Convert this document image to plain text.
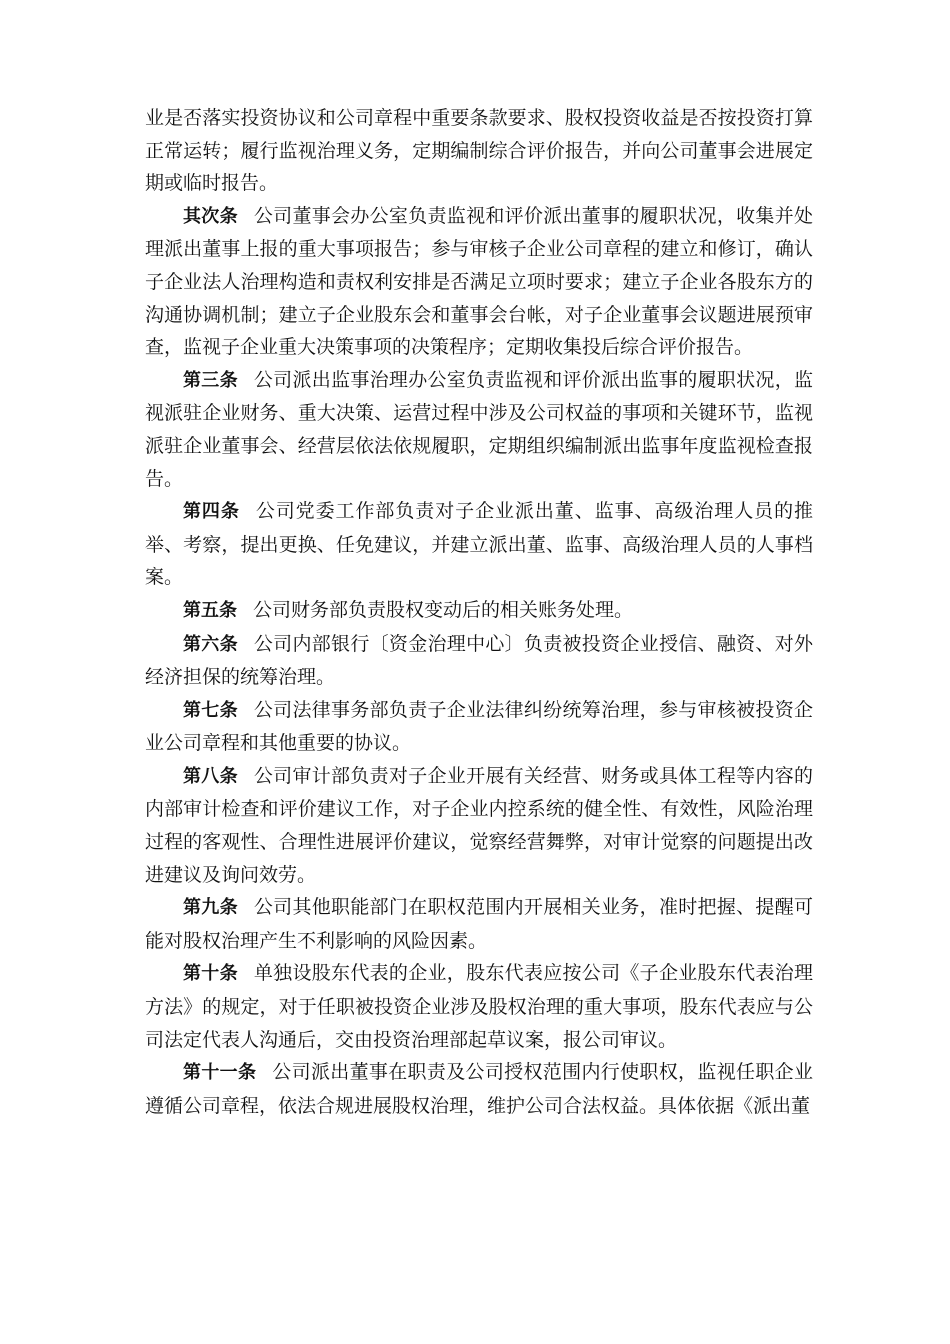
业是否落实投资协议和公司章程中重要条款要求、股权投资收益是否按投资打算正常运转；履行监视治理义务，定期编制综合评价报告，并向公司董事会进展定期或临时报告。

其次条 公司董事会办公室负责监视和评价派出董事的履职状况，收集并处理派出董事上报的重大事项报告；参与审核子企业公司章程的建立和修订，确认子企业法人治理构造和责权利安排是否满足立项时要求；建立子企业各股东方的沟通协调机制；建立子企业股东会和董事会台帐，对子企业董事会议题进展预审查，监视子企业重大决策事项的决策程序；定期收集投后综合评价报告。

第三条 公司派出监事治理办公室负责监视和评价派出监事的履职状况，监视派驻企业财务、重大决策、运营过程中涉及公司权益的事项和关键环节，监视派驻企业董事会、经营层依法依规履职，定期组织编制派出监事年度监视检查报告。

第四条 公司党委工作部负责对子企业派出董、监事、高级治理人员的推举、考察，提出更换、任免建议，并建立派出董、监事、高级治理人员的人事档案。

第五条 公司财务部负责股权变动后的相关账务处理。

第六条 公司内部银行〔资金治理中心〕负责被投资企业授信、融资、对外经济担保的统筹治理。

第七条 公司法律事务部负责子企业法律纠纷统筹治理，参与审核被投资企业公司章程和其他重要的协议。

第八条 公司审计部负责对子企业开展有关经营、财务或具体工程等内容的内部审计检查和评价建议工作，对子企业内控系统的健全性、有效性，风险治理过程的客观性、合理性进展评价建议，觉察经营舞弊，对审计觉察的问题提出改进建议及询问效劳。

第九条 公司其他职能部门在职权范围内开展相关业务，准时把握、提醒可能对股权治理产生不利影响的风险因素。

第十条 单独设股东代表的企业，股东代表应按公司《子企业股东代表治理方法》的规定，对于任职被投资企业涉及股权治理的重大事项，股东代表应与公司法定代表人沟通后，交由投资治理部起草议案，报公司审议。

第十一条 公司派出董事在职责及公司授权范围内行使职权，监视任职企业遵循公司章程，依法合规进展股权治理，维护公司合法权益。具体依据《派出董
